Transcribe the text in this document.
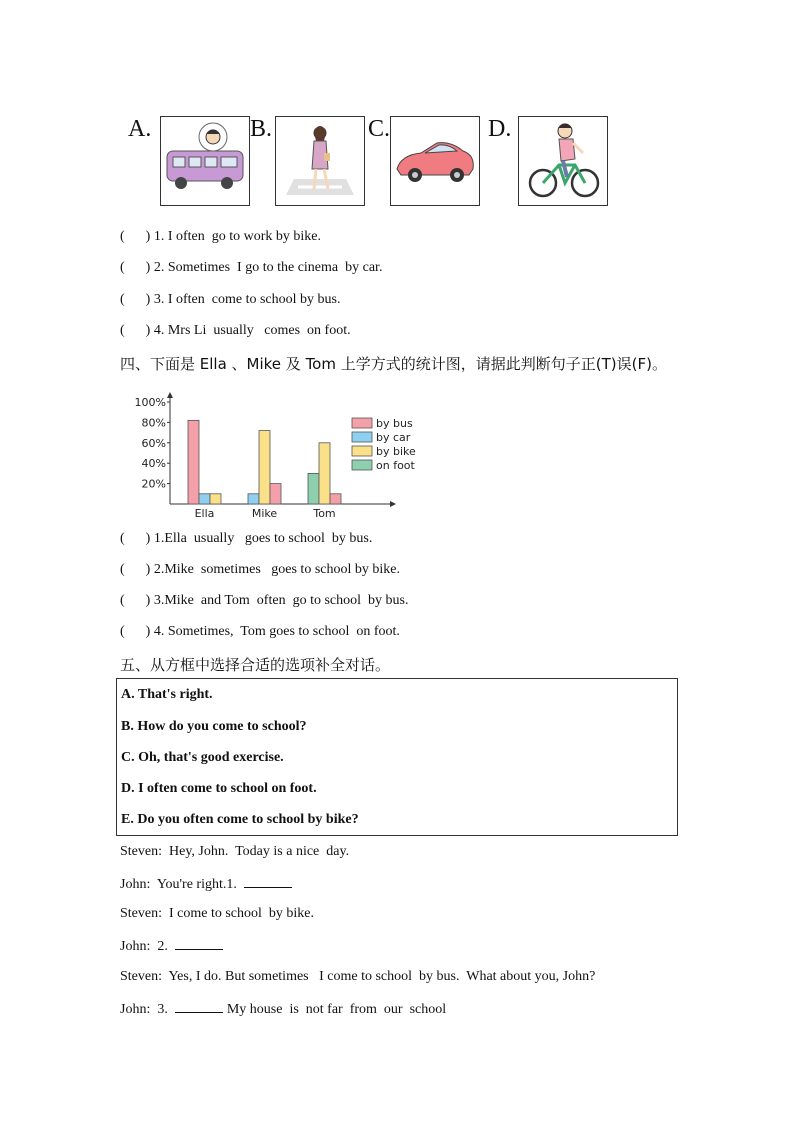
A.	B.	C.	D.
(      ) 1. I often  go to work by bike.
(      ) 2. Sometimes  I go to the cinema  by car.
(      ) 3. I often  come to school by bus.
(      ) 4. Mrs Li  usually   comes  on foot.
四、下面是 Ella 、Mike 及 Tom 上学方式的统计图，请据此判断句子正(T)误(F)。
100%
80%
60%
40%
20%
Ella	Mike	Tom
by bus
by car
by bike
on foot
(      ) 1.Ella  usually   goes to school  by bus.
(      ) 2.Mike  sometimes   goes to school by bike.
(      ) 3.Mike  and Tom  often  go to school  by bus.
(      ) 4. Sometimes,  Tom goes to school  on foot.
五、从方框中选择合适的选项补全对话。
A. That's right.
B. How do you come to school?
C. Oh, that's good exercise.
D. I often come to school on foot.
E. Do you often come to school by bike?
Steven:  Hey, John.  Today is a nice  day.
John:  You're right.1.
Steven:  I come to school  by bike.
John:  2.
Steven:  Yes, I do. But sometimes   I come to school  by bus.  What about you, John?
John:  3.	My house  is  not far  from  our  school
